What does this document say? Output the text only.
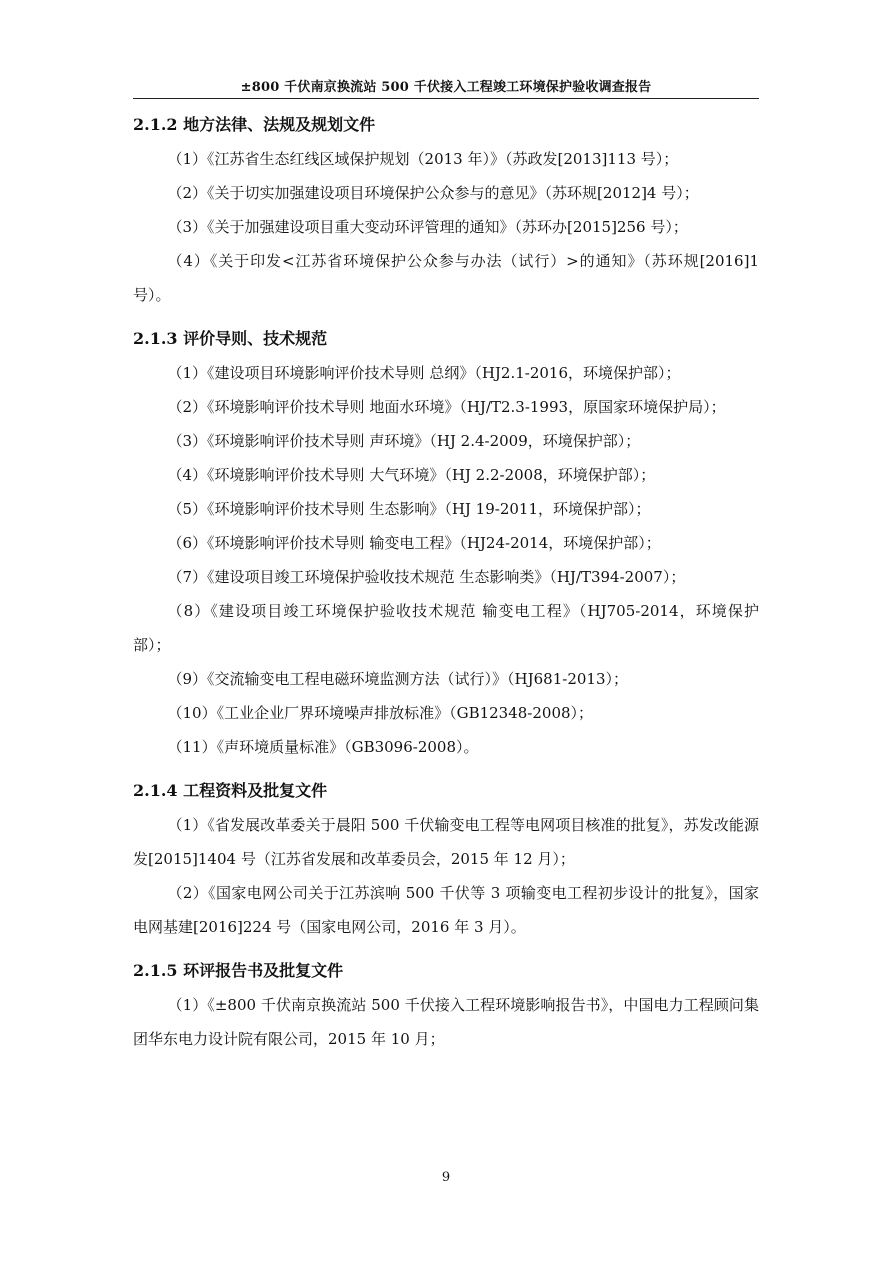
±800 千伏南京换流站 500 千伏接入工程竣工环境保护验收调查报告
2.1.2 地方法律、法规及规划文件

（1）《江苏省生态红线区域保护规划（2013 年）》（苏政发[2013]113 号）；

（2）《关于切实加强建设项目环境保护公众参与的意见》（苏环规[2012]4 号）；

（3）《关于加强建设项目重大变动环评管理的通知》（苏环办[2015]256 号）；

（4）《关于印发<江苏省环境保护公众参与办法（试行）>的通知》（苏环规[2016]1 号）。

2.1.3 评价导则、技术规范

（1）《建设项目环境影响评价技术导则 总纲》（HJ2.1-2016，环境保护部）；

（2）《环境影响评价技术导则 地面水环境》（HJ/T2.3-1993，原国家环境保护局）；

（3）《环境影响评价技术导则 声环境》（HJ 2.4-2009，环境保护部）；

（4）《环境影响评价技术导则 大气环境》（HJ 2.2-2008，环境保护部）；

（5）《环境影响评价技术导则 生态影响》（HJ 19-2011，环境保护部）；

（6）《环境影响评价技术导则 输变电工程》（HJ24-2014，环境保护部）；

（7）《建设项目竣工环境保护验收技术规范 生态影响类》（HJ/T394-2007）；

（8）《建设项目竣工环境保护验收技术规范 输变电工程》（HJ705-2014，环境保护部）；

（9）《交流输变电工程电磁环境监测方法（试行）》（HJ681-2013）；

（10）《工业企业厂界环境噪声排放标准》（GB12348-2008）；

（11）《声环境质量标准》（GB3096-2008）。

2.1.4 工程资料及批复文件

（1）《省发展改革委关于晨阳 500 千伏输变电工程等电网项目核准的批复》，苏发改能源发[2015]1404 号（江苏省发展和改革委员会，2015 年 12 月）；

（2）《国家电网公司关于江苏滨响 500 千伏等 3 项输变电工程初步设计的批复》，国家电网基建[2016]224 号（国家电网公司，2016 年 3 月）。

2.1.5 环评报告书及批复文件

（1）《±800 千伏南京换流站 500 千伏接入工程环境影响报告书》，中国电力工程顾问集团华东电力设计院有限公司，2015 年 10 月；

9
